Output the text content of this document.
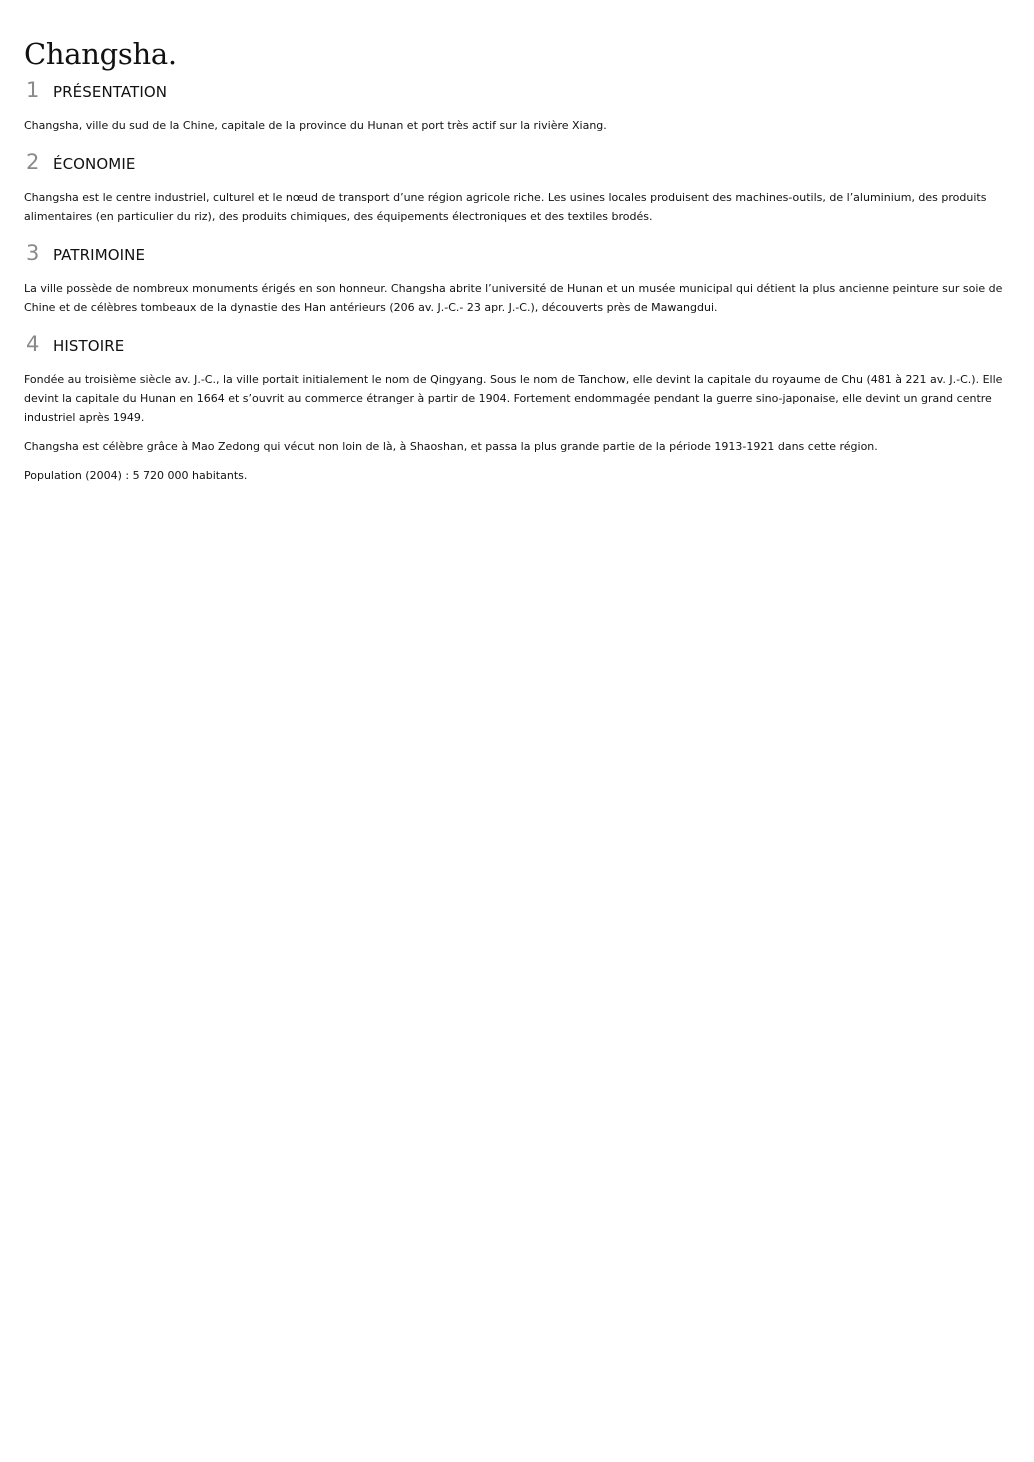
Changsha.
1 PRÉSENTATION

Changsha, ville du sud de la Chine, capitale de la province du Hunan et port très actif sur la rivière Xiang.

2 ÉCONOMIE

Changsha est le centre industriel, culturel et le nœud de transport d’une région agricole riche. Les usines locales produisent des machines-outils, de l’aluminium, des produits alimentaires (en particulier du riz), des produits chimiques, des équipements électroniques et des textiles brodés.

3 PATRIMOINE

La ville possède de nombreux monuments érigés en son honneur. Changsha abrite l’université de Hunan et un musée municipal qui détient la plus ancienne peinture sur soie de Chine et de célèbres tombeaux de la dynastie des Han antérieurs (206 av. J.-C.- 23 apr. J.-C.), découverts près de Mawangdui.

4 HISTOIRE

Fondée au troisième siècle av. J.-C., la ville portait initialement le nom de Qingyang. Sous le nom de Tanchow, elle devint la capitale du royaume de Chu (481 à 221 av. J.-C.). Elle devint la capitale du Hunan en 1664 et s’ouvrit au commerce étranger à partir de 1904. Fortement endommagée pendant la guerre sino-japonaise, elle devint un grand centre industriel après 1949.

Changsha est célèbre grâce à Mao Zedong qui vécut non loin de là, à Shaoshan, et passa la plus grande partie de la période 1913-1921 dans cette région.

Population (2004) : 5 720 000 habitants.
